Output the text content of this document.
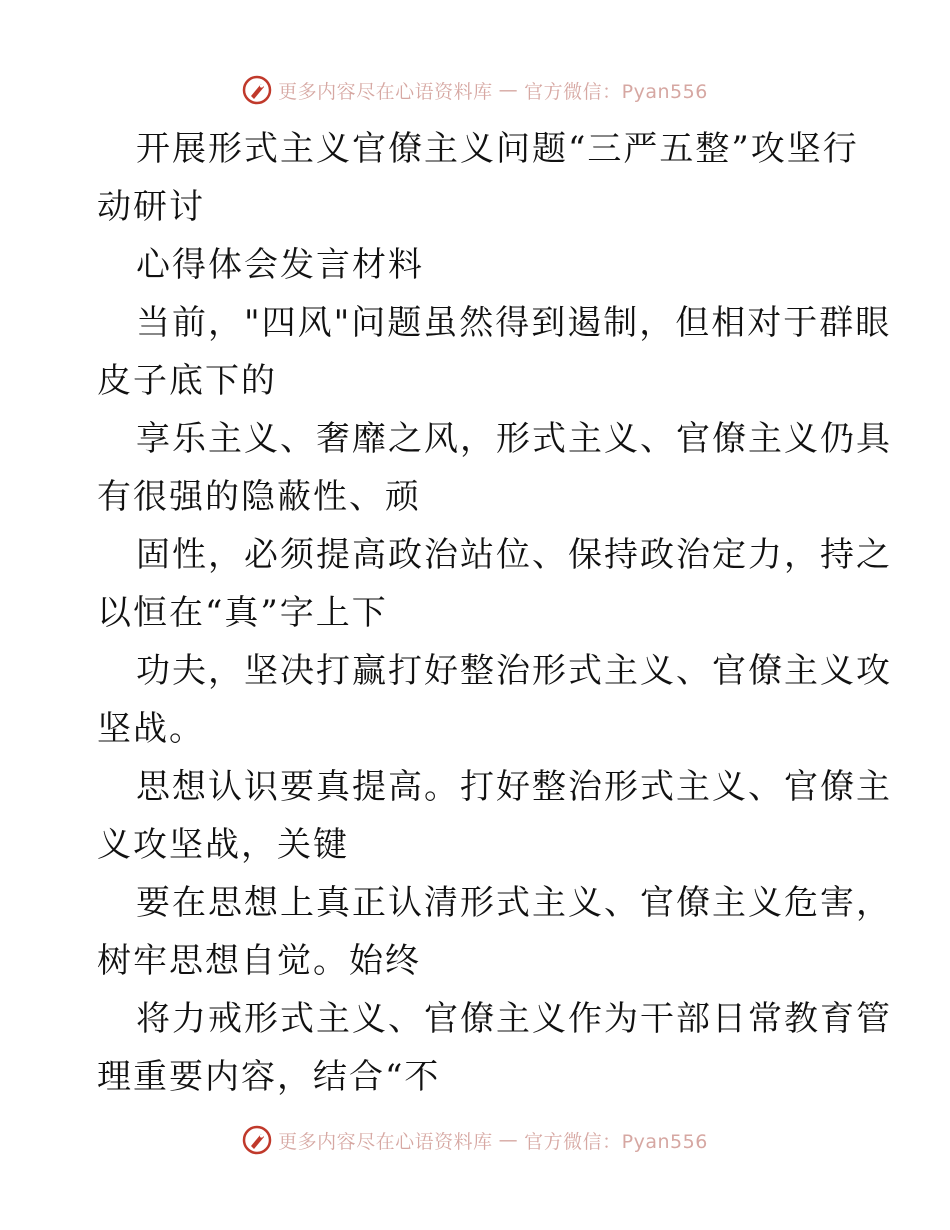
更多内容尽在心语资料库 — 官方微信：Pyan556
开展形式主义官僚主义问题“三严五整”攻坚行
动研讨
心得体会发言材料
当前，"四风"问题虽然得到遏制，但相对于群眼
皮子底下的
享乐主义、奢靡之风，形式主义、官僚主义仍具
有很强的隐蔽性、顽
固性，必须提高政治站位、保持政治定力，持之
以恒在“真”字上下
功夫，坚决打赢打好整治形式主义、官僚主义攻
坚战。
思想认识要真提高。打好整治形式主义、官僚主
义攻坚战，关键
要在思想上真正认清形式主义、官僚主义危害，
树牢思想自觉。始终
将力戒形式主义、官僚主义作为干部日常教育管
理重要内容，结合“不
更多内容尽在心语资料库 — 官方微信：Pyan556
